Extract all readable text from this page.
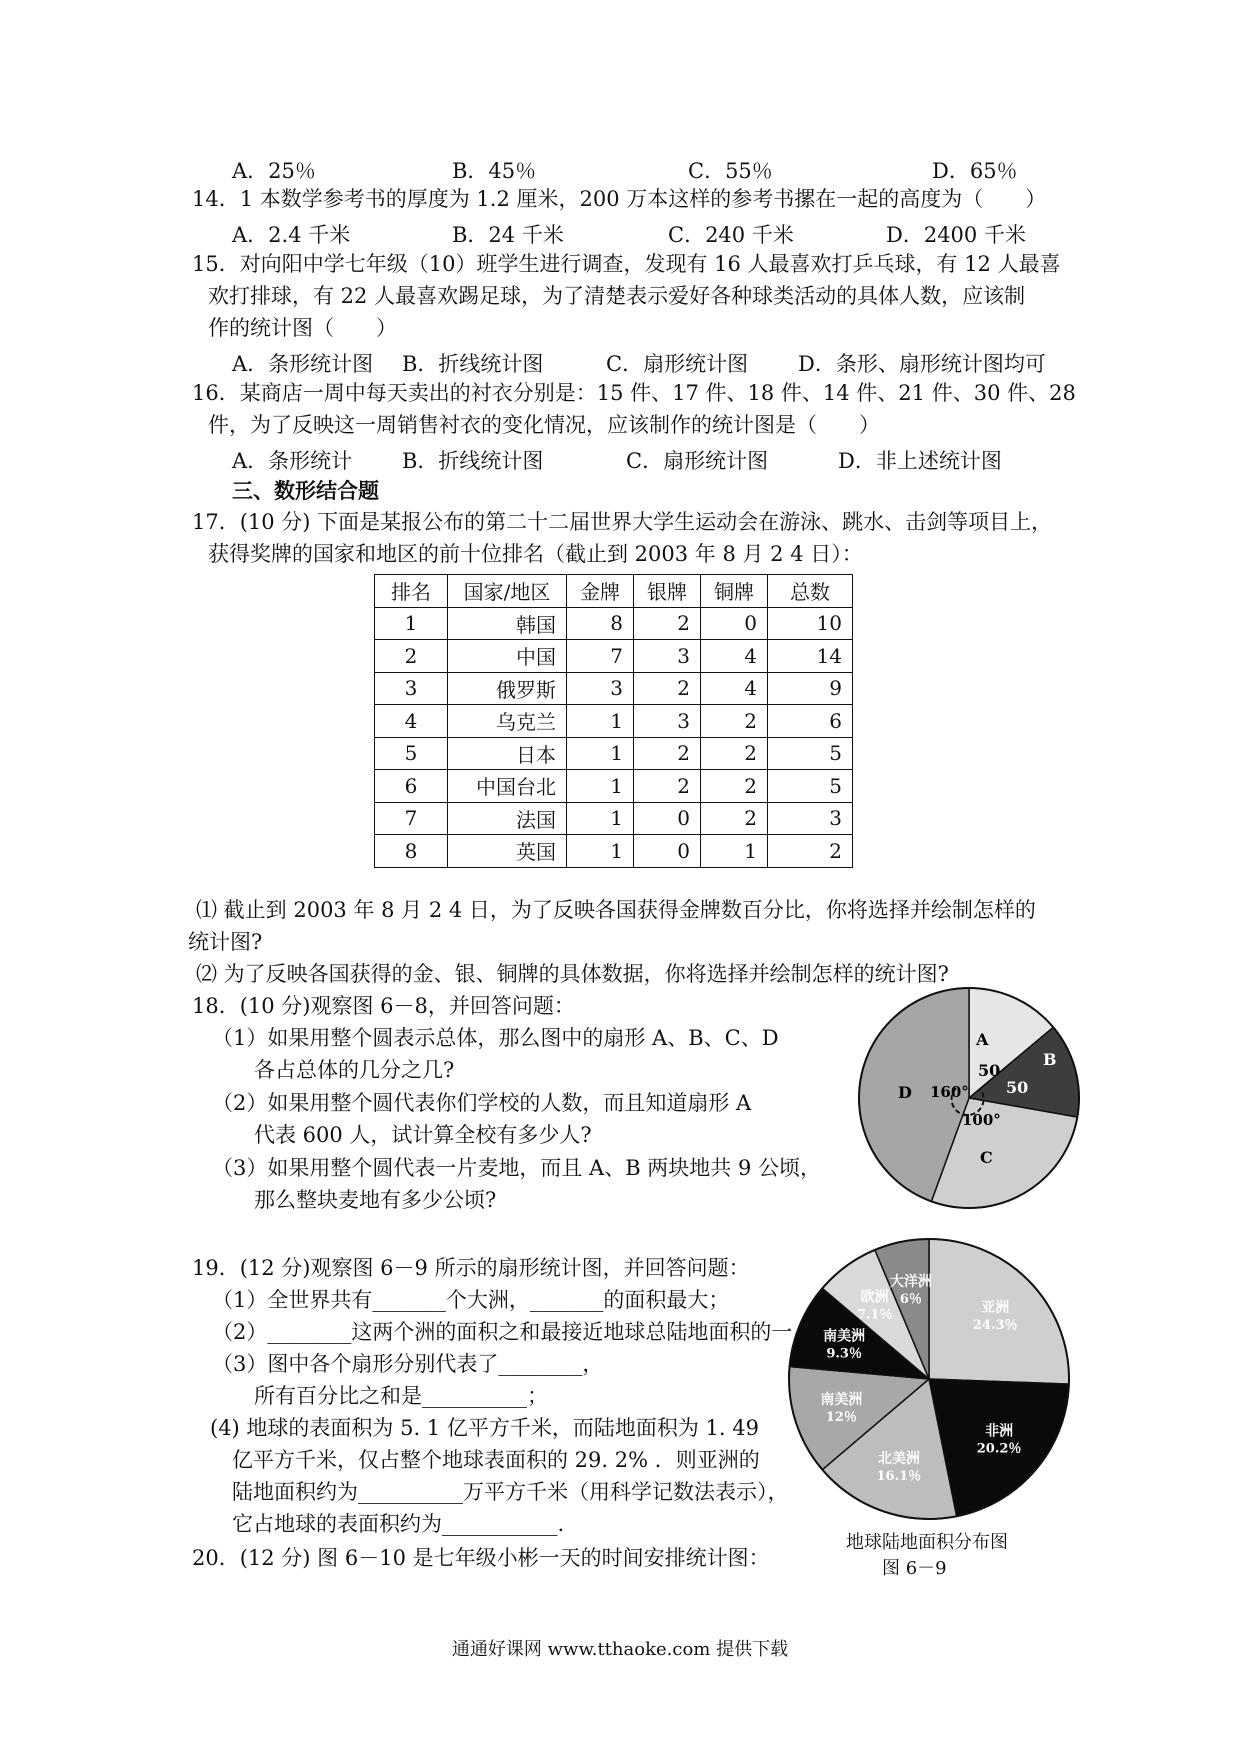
A．25％	B．45％	C．55％	D．65％
14．1 本数学参考书的厚度为 1.2 厘米，200 万本这样的参考书摞在一起的高度为（　　）
A．2.4 千米	B．24 千米	C．240 千米	D．2400 千米
15．对向阳中学七年级（10）班学生进行调查，发现有 16 人最喜欢打乒乓球，有 12 人最喜
欢打排球，有 22 人最喜欢踢足球，为了清楚表示爱好各种球类活动的具体人数，应该制
作的统计图（　　）
A．条形统计图 B．折线统计图	C．扇形统计图 D．条形、扇形统计图均可
16．某商店一周中每天卖出的衬衣分别是：15 件、17 件、18 件、14 件、21 件、30 件、28
件，为了反映这一周销售衬衣的变化情况，应该制作的统计图是（　　）
A．条形统计 B．折线统计图	C．扇形统计图	D．非上述统计图
三、数形结合题
17．(10 分) 下面是某报公布的第二十二届世界大学生运动会在游泳、跳水、击剑等项目上，
获得奖牌的国家和地区的前十位排名（截止到 2003 年 8 月 2 4 日）：
排名	国家/地区	金牌	银牌	铜牌	总数
1	韩国	8	2	0	10
2	中国	7	3	4	14
3	俄罗斯	3	2	4	9
4	乌克兰	1	3	2	6
5	日本	1	2	2	5
6	中国台北	1	2	2	5
7	法国	1	0	2	3
8	英国	1	0	1	2
⑴ 截止到 2003 年 8 月 2 4 日，为了反映各国获得金牌数百分比，你将选择并绘制怎样的
统计图?
⑵ 为了反映各国获得的金、银、铜牌的具体数据，你将选择并绘制怎样的统计图?
18．(10 分)观察图 6－8，并回答问题：
（1）如果用整个圆表示总体，那么图中的扇形 A、B、C、D
各占总体的几分之几?
（2）如果用整个圆代表你们学校的人数，而且知道扇形 A
代表 600 人，试计算全校有多少人?
（3）如果用整个圆代表一片麦地，而且 A、B 两块地共 9 公顷，
那么整块麦地有多少公顷?
A
50
B
50
C
100°
D 160°
19．(12 分)观察图 6－9 所示的扇形统计图，并回答问题：
（1）全世界共有_______个大洲，_______的面积最大；
（2）________这两个洲的面积之和最接近地球总陆地面积的一
（3）图中各个扇形分别代表了________，
所有百分比之和是__________；
(4) 地球的表面积为 5. 1 亿平方千米，而陆地面积为 1. 49
亿平方千米，仅占整个地球表面积的 29. 2% ．则亚洲的
陆地面积约为__________万平方千米（用科学记数法表示），
它占地球的表面积约为___________.
亚洲
24.3％
非洲
20.2％
北美洲
16.1％
南美洲
12％
南美洲
9.3％
欧洲
7.1％
大洋洲
6％
地球陆地面积分布图
图 6－9
20．(12 分) 图 6－10 是七年级小彬一天的时间安排统计图：
通通好课网 www.tthaoke.com 提供下载
